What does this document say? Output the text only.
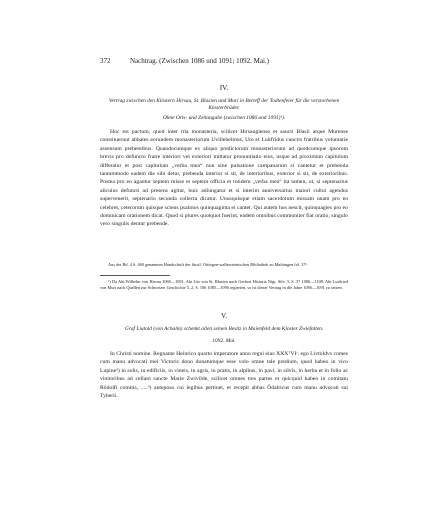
372	Nachtrag. (Zwischen 1086 und 1091; 1092. Mai.)
IV.
Vertrag zwischen den Klöstern Hirsau, St. Blasien und Muri in Betreff der Todtenfeier für die verstorbenen Klosterbrüder.
Ohne Orts- und Zeitangabe (zwischen 1086 und 1091)¹).

Hoc est pactum, quod inter tria monasteria, scilicet Hirsaugiense et sancti Blasii atque Murense constituerunt abbates eorundem monasteriorum Uvillehelmus, Uto et Luitfridus cunctis fratribus voluntarie assensum prebentibus. Quandocumque ex aliquo predictorum monasteriorum ad quodcumque ipsorum brevis pro defuncto fratre interiori vel exteriori mittatur pronuntiatio eius, usque ad proximum capitulum differatur et post capitulum „verba mea“ non sine pulsatione campanarum si cantetur et prebenda tantummodo eadem die sibi detur, prebenda interior si sit, de interioribus, exterior si sit, de exterioribus. Postea pro eo agantur septem misse et septem officia et totidem „verba mea“ ita tamen, ut, si septenarius alicuius defuncti ad presens agitur, huic adiungatur et si interim anniversarius maiori cultui agendus supervenerit, septenario secunda collecta dicatur. Unusquisque etiam sacerdotum missam unam pro eo celebret, ceterorum quisque sciens psalmos quinquaginta ei cantet. Qui autem hos nescit, quinquagies pro eo dominicam orationem dicat. Quod si plures quotquot fuerint, eadem omnibus communiter fiat oratio, singulo vero singulis dentur prebende.

Aus der Bd. 4 S. 460 genannten Handschrift der fürstl. Ottingen-wallersteinischen Bibliothek zu Maihingen fol. 37ᵃ.

¹) Da Abt Wilhelm von Hirsau 1069—1091, Abt Uto von St. Blasien nach Gerbert Historia Nigr. Silv. 3, S. 37 1086—1108, Abt Luitfried von Muri nach Quellen zur Schweizer Geschichte 3, 2, S. 106 1085—1096 regierten, so ist dieser Vertrag in die Jahre 1086—1091 zu setzen.

V.
Graf Liutold (von Achalm) schenkt allen seinen Besitz in Maienfeld dem Kloster Zwiefalten.
1092. Mai.

In Christi nomine. Regnante Heinrico quarto imperatore anno regni eius XXXᵀVIᵗ. ego Livtoldvs comes cum manu advocati mei Victoris dono donatumque esse volo omne tale predium, quod habeo in vico Lupine²) in solis, in edificiis, in vineis, in agris, in pratis, in alpibus, in pavi, in silvis, in herba et in folio ac vinitoribus ad cellam sancte Marie Zwivilde, scilicet omnes tres partes et quicquid habeo in comitatu Rôdolfi comitis, .....³) anteposo cui legibus pertinet, et recepit abbas Ôdalricus cum manu advocati sui Tyberii.
